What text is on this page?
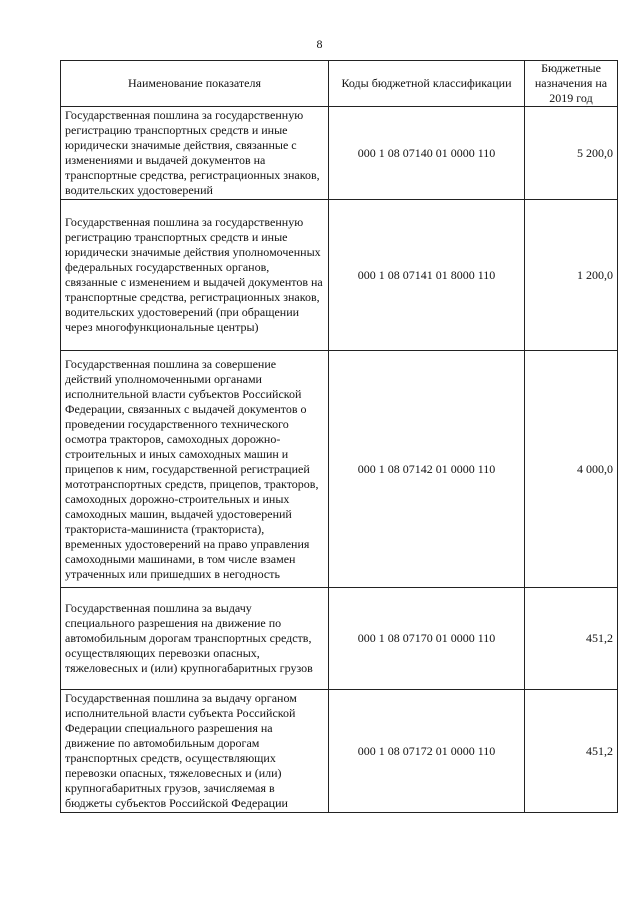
8
Наименование показателя	Коды бюджетной классификации	Бюджетные назначения на 2019 год
Государственная пошлина за государственную регистрацию транспортных средств и иные юридически значимые действия, связанные с изменениями и выдачей документов на транспортные средства, регистрационных знаков, водительских удостоверений	000 1 08 07140 01 0000 110	5 200,0
Государственная пошлина за государственную регистрацию транспортных средств и иные юридически значимые действия уполномоченных федеральных государственных органов, связанные с изменением и выдачей документов на транспортные средства, регистрационных знаков, водительских удостоверений (при обращении через многофункциональные центры)	000 1 08 07141 01 8000 110	1 200,0
Государственная пошлина за совершение действий уполномоченными органами исполнительной власти субъектов Российской Федерации, связанных с выдачей документов о проведении государственного технического осмотра тракторов, самоходных дорожно-строительных и иных самоходных машин и прицепов к ним, государственной регистрацией мототранспортных средств, прицепов, тракторов, самоходных дорожно-строительных и иных самоходных машин, выдачей удостоверений тракториста-машиниста (тракториста), временных удостоверений на право управления самоходными машинами, в том числе взамен утраченных или пришедших в негодность	000 1 08 07142 01 0000 110	4 000,0
Государственная пошлина за выдачу специального разрешения на движение по автомобильным дорогам транспортных средств, осуществляющих перевозки опасных, тяжеловесных и (или) крупногабаритных грузов	000 1 08 07170 01 0000 110	451,2
Государственная пошлина за выдачу органом исполнительной власти субъекта Российской Федерации специального разрешения на движение по автомобильным дорогам транспортных средств, осуществляющих перевозки опасных, тяжеловесных и (или) крупногабаритных грузов, зачисляемая в бюджеты субъектов Российской Федерации	000 1 08 07172 01 0000 110	451,2
